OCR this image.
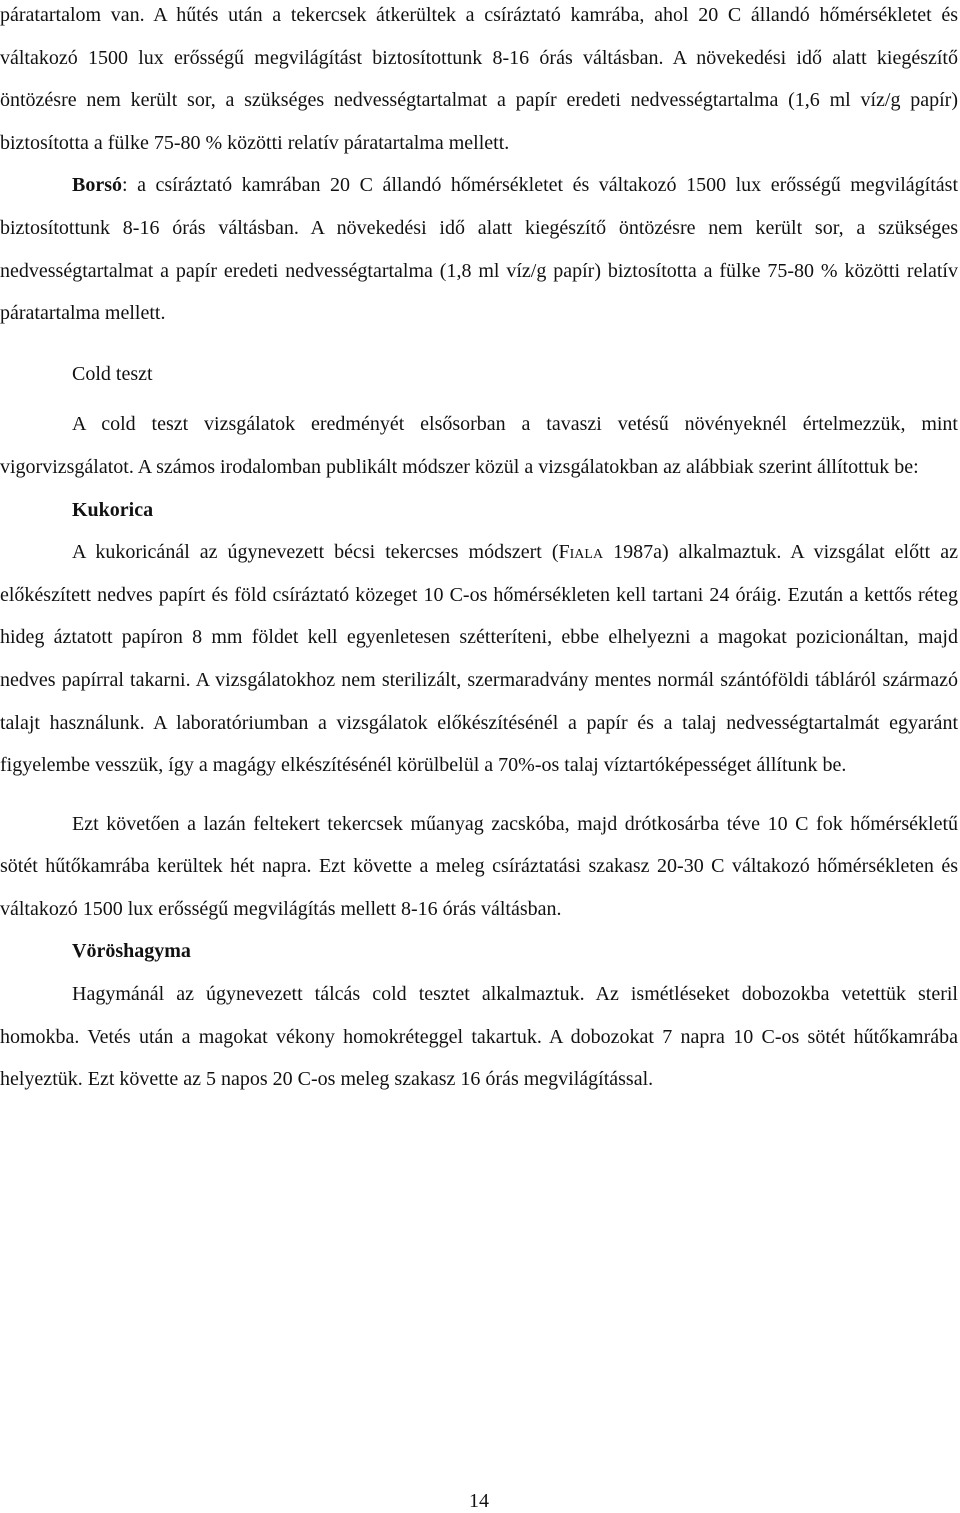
páratartalom van. A hűtés után a tekercsek átkerültek a csíráztató kamrába, ahol 20 C állandó hőmérsékletet és váltakozó 1500 lux erősségű megvilágítást biztosítottunk 8-16 órás váltásban. A növekedési idő alatt kiegészítő öntözésre nem került sor, a szükséges nedvességtartalmat a papír eredeti nedvességtartalma (1,6 ml víz/g papír) biztosította a fülke 75-80 % közötti relatív páratartalma mellett.

Borsó: a csíráztató kamrában 20 C állandó hőmérsékletet és váltakozó 1500 lux erősségű megvilágítást biztosítottunk 8-16 órás váltásban. A növekedési idő alatt kiegészítő öntözésre nem került sor, a szükséges nedvességtartalmat a papír eredeti nedvességtartalma (1,8 ml víz/g papír) biztosította a fülke 75-80 % közötti relatív páratartalma mellett.

Cold teszt

A cold teszt vizsgálatok eredményét elsősorban a tavaszi vetésű növényeknél értelmezzük, mint vigorvizsgálatot. A számos irodalomban publikált módszer közül a vizsgálatokban az alábbiak szerint állítottuk be:

Kukorica

A kukoricánál az úgynevezett bécsi tekercses módszert (Fiala 1987a) alkalmaztuk. A vizsgálat előtt az előkészített nedves papírt és föld csíráztató közeget 10 C-os hőmérsékleten kell tartani 24 óráig. Ezután a kettős réteg hideg áztatott papíron 8 mm földet kell egyenletesen szétteríteni, ebbe elhelyezni a magokat pozicionáltan, majd nedves papírral takarni. A vizsgálatokhoz nem sterilizált, szermaradvány mentes normál szántóföldi tábláról származó talajt használunk. A laboratóriumban a vizsgálatok előkészítésénél a papír és a talaj nedvességtartalmát egyaránt figyelembe vesszük, így a magágy elkészítésénél körülbelül a 70%-os talaj víztartóképességet állítunk be.

Ezt követően a lazán feltekert tekercsek műanyag zacskóba, majd drótkosárba téve 10 C fok hőmérsékletű sötét hűtőkamrába kerültek hét napra. Ezt követte a meleg csíráztatási szakasz 20-30 C váltakozó hőmérsékleten és váltakozó 1500 lux erősségű megvilágítás mellett 8-16 órás váltásban.

Vöröshagyma

Hagymánál az úgynevezett tálcás cold tesztet alkalmaztuk. Az ismétléseket dobozokba vetettük steril homokba. Vetés után a magokat vékony homokréteggel takartuk. A dobozokat 7 napra 10 C-os sötét hűtőkamrába helyeztük. Ezt követte az 5 napos 20 C-os meleg szakasz 16 órás megvilágítással.

14
